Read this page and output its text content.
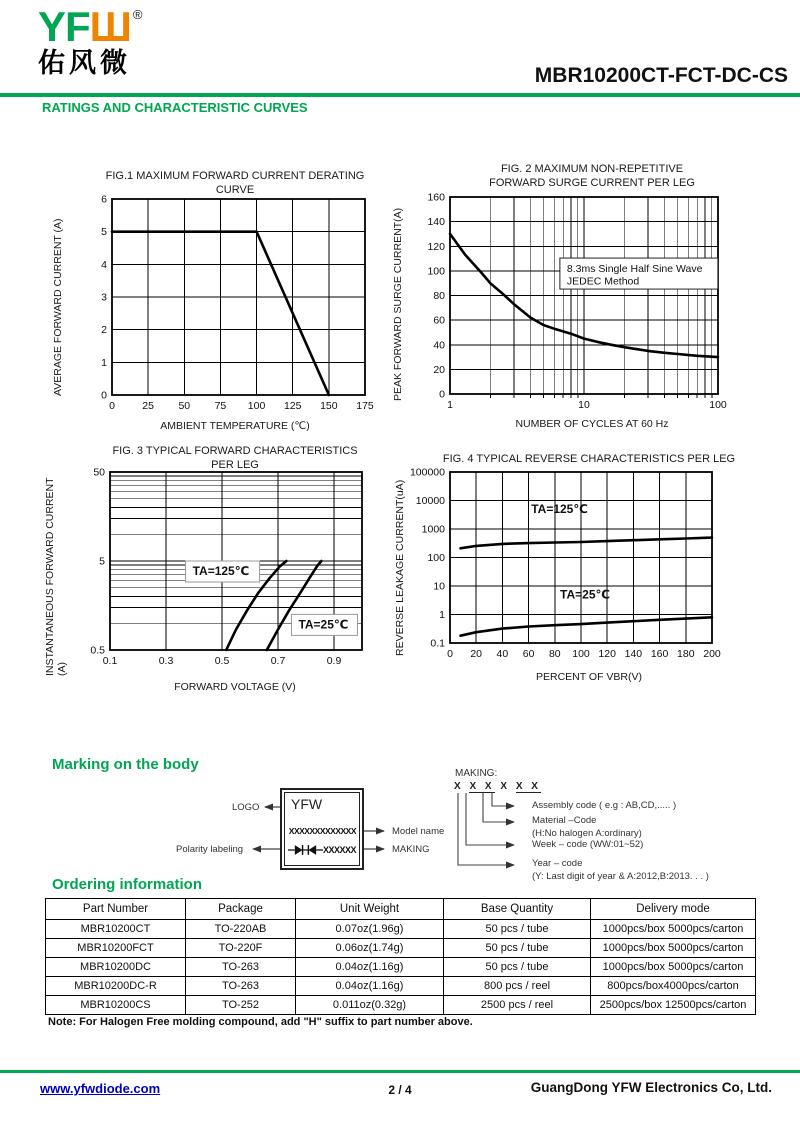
YFШ ®
佑风微	MBR10200CT-FCT-DC-CS
RATINGS AND CHARACTERISTIC CURVES
FIG.1 MAXIMUM FORWARD CURRENT DERATING
CURVE
AVERAGE FORWARD CURRENT (A)
0	25 50 75 100 125 150 175
0
1
2
3
4
5
6
AMBIENT TEMPERATURE (℃)
FIG. 2 MAXIMUM NON-REPETITIVE
FORWARD SURGE CURRENT PER LEG
PEAK FORWARD SURGE CURRENT(A)
1	10	100
0
20
40
60
80
100
120
140
160
8.3ms Single Half Sine Wave
JEDEC Method
NUMBER OF CYCLES AT 60 Hz
FIG. 3 TYPICAL FORWARD CHARACTERISTICS
PER LEG
INSTANTANEOUS FORWARD CURRENT (A)
0.1	0.3	0.5	0.7	0.9
0.5
5
50
TA=125℃
TA=25℃
FORWARD VOLTAGE (V)
FIG. 4 TYPICAL REVERSE CHARACTERISTICS PER LEG
REVERSE LEAKAGE CURRENT(uA)	0 20 40 60 80 100 120 140 160 180 200
0.1
1
10
100
1000
10000
100000
TA=125℃
TA=25℃
PERCENT OF VBR(V)
Marking on the body
LOGO
Polarity labeling
Model name
MAKING
YFW
XXXXXXXXXXXXX
XXXXXX
MAKING:
X X X X X X
Assembly code ( e.g : AB,CD,..... )
Material –Code
(H:No halogen A:ordinary)
Week – code (WW:01~52)
Year – code
(Y: Last digit of year & A:2012,B:2013. . . )
Ordering information
Part Number	Package	Unit Weight	Base Quantity	Delivery mode
MBR10200CT	TO-220AB	0.07oz(1.96g)	50 pcs / tube	1000pcs/box 5000pcs/carton
MBR10200FCT	TO-220F	0.06oz(1.74g)	50 pcs / tube	1000pcs/box 5000pcs/carton
MBR10200DC	TO-263	0.04oz(1.16g)	50 pcs / tube	1000pcs/box 5000pcs/carton
MBR10200DC-R	TO-263	0.04oz(1.16g)	800 pcs / reel	800pcs/box4000pcs/carton
MBR10200CS	TO-252	0.011oz(0.32g)	2500 pcs / reel	2500pcs/box 12500pcs/carton
Note: For Halogen Free molding compound, add "H" suffix to part number above.
www.yfwdiode.com	2 / 4	GuangDong YFW Electronics Co, Ltd.
